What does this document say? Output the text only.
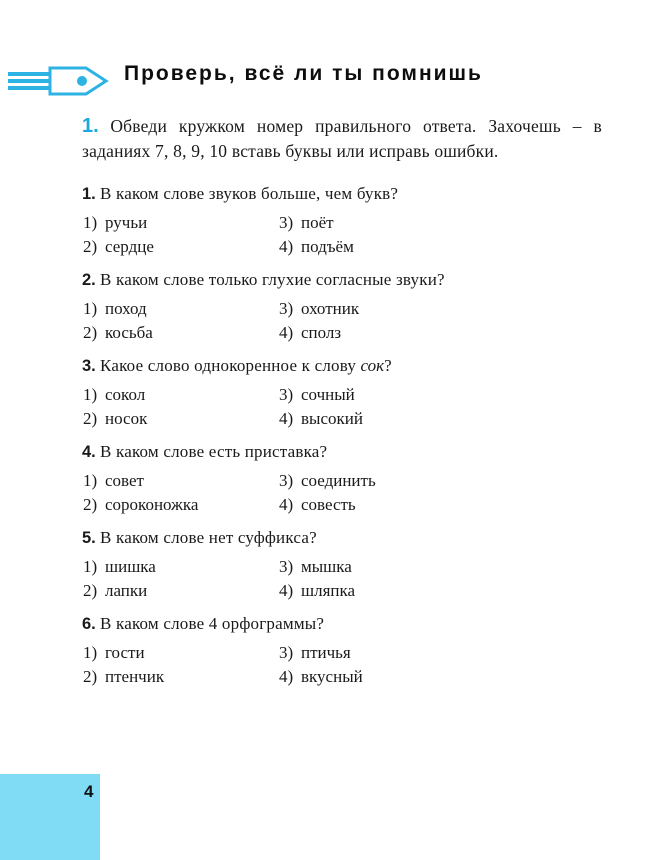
Проверь, всё ли ты помнишь
1. Обведи кружком номер правильного ответа. Захочешь – в заданиях 7, 8, 9, 10 вставь буквы или исправь ошибки.
1. В каком слове звуков больше, чем букв?
1) ручьи	3) поёт
2) сердце	4) подъём
2. В каком слове только глухие согласные звуки?
1) поход	3) охотник
2) косьба	4) сполз
3. Какое слово однокоренное к слову сок?
1) сокол	3) сочный
2) носок	4) высокий
4. В каком слове есть приставка?
1) совет	3) соединить
2) сороконожка	4) совесть
5. В каком слове нет суффикса?
1) шишка	3) мышка
2) лапки	4) шляпка
6. В каком слове 4 орфограммы?
1) гости	3) птичья
2) птенчик	4) вкусный
4
